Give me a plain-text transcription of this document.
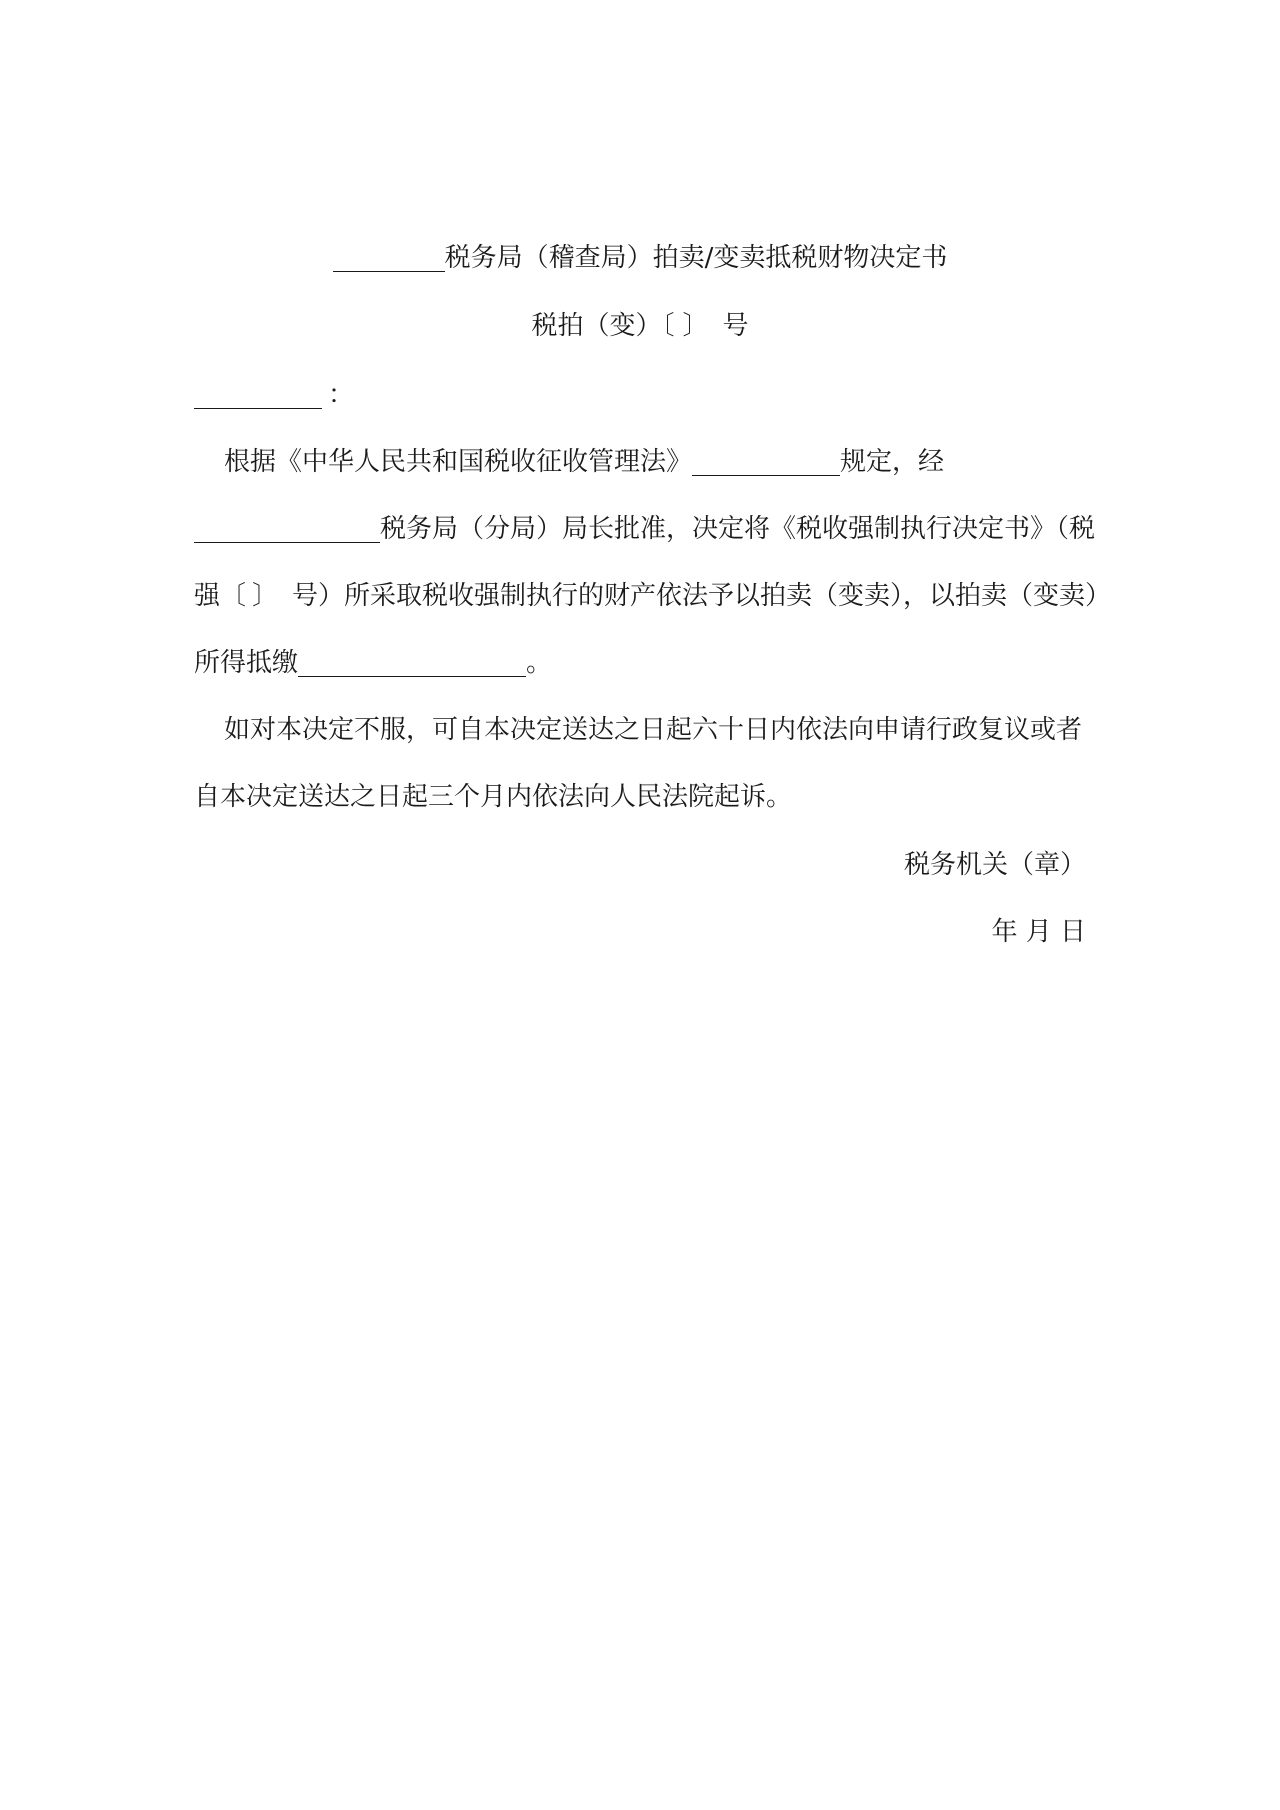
税务局（稽查局）拍卖/变卖抵税财物决定书
税拍（变）〔 〕 号
：
根据《中华人民共和国税收征收管理法》	规定，经
税务局（分局）局长批准，决定将《税收强制执行决定书》（税
强〔 〕 号）所采取税收强制执行的财产依法予以拍卖（变卖），以拍卖（变卖）
所得抵缴	。
如对本决定不服，可自本决定送达之日起六十日内依法向申请行政复议或者
自本决定送达之日起三个月内依法向人民法院起诉。
税务机关（章）
年 月 日
